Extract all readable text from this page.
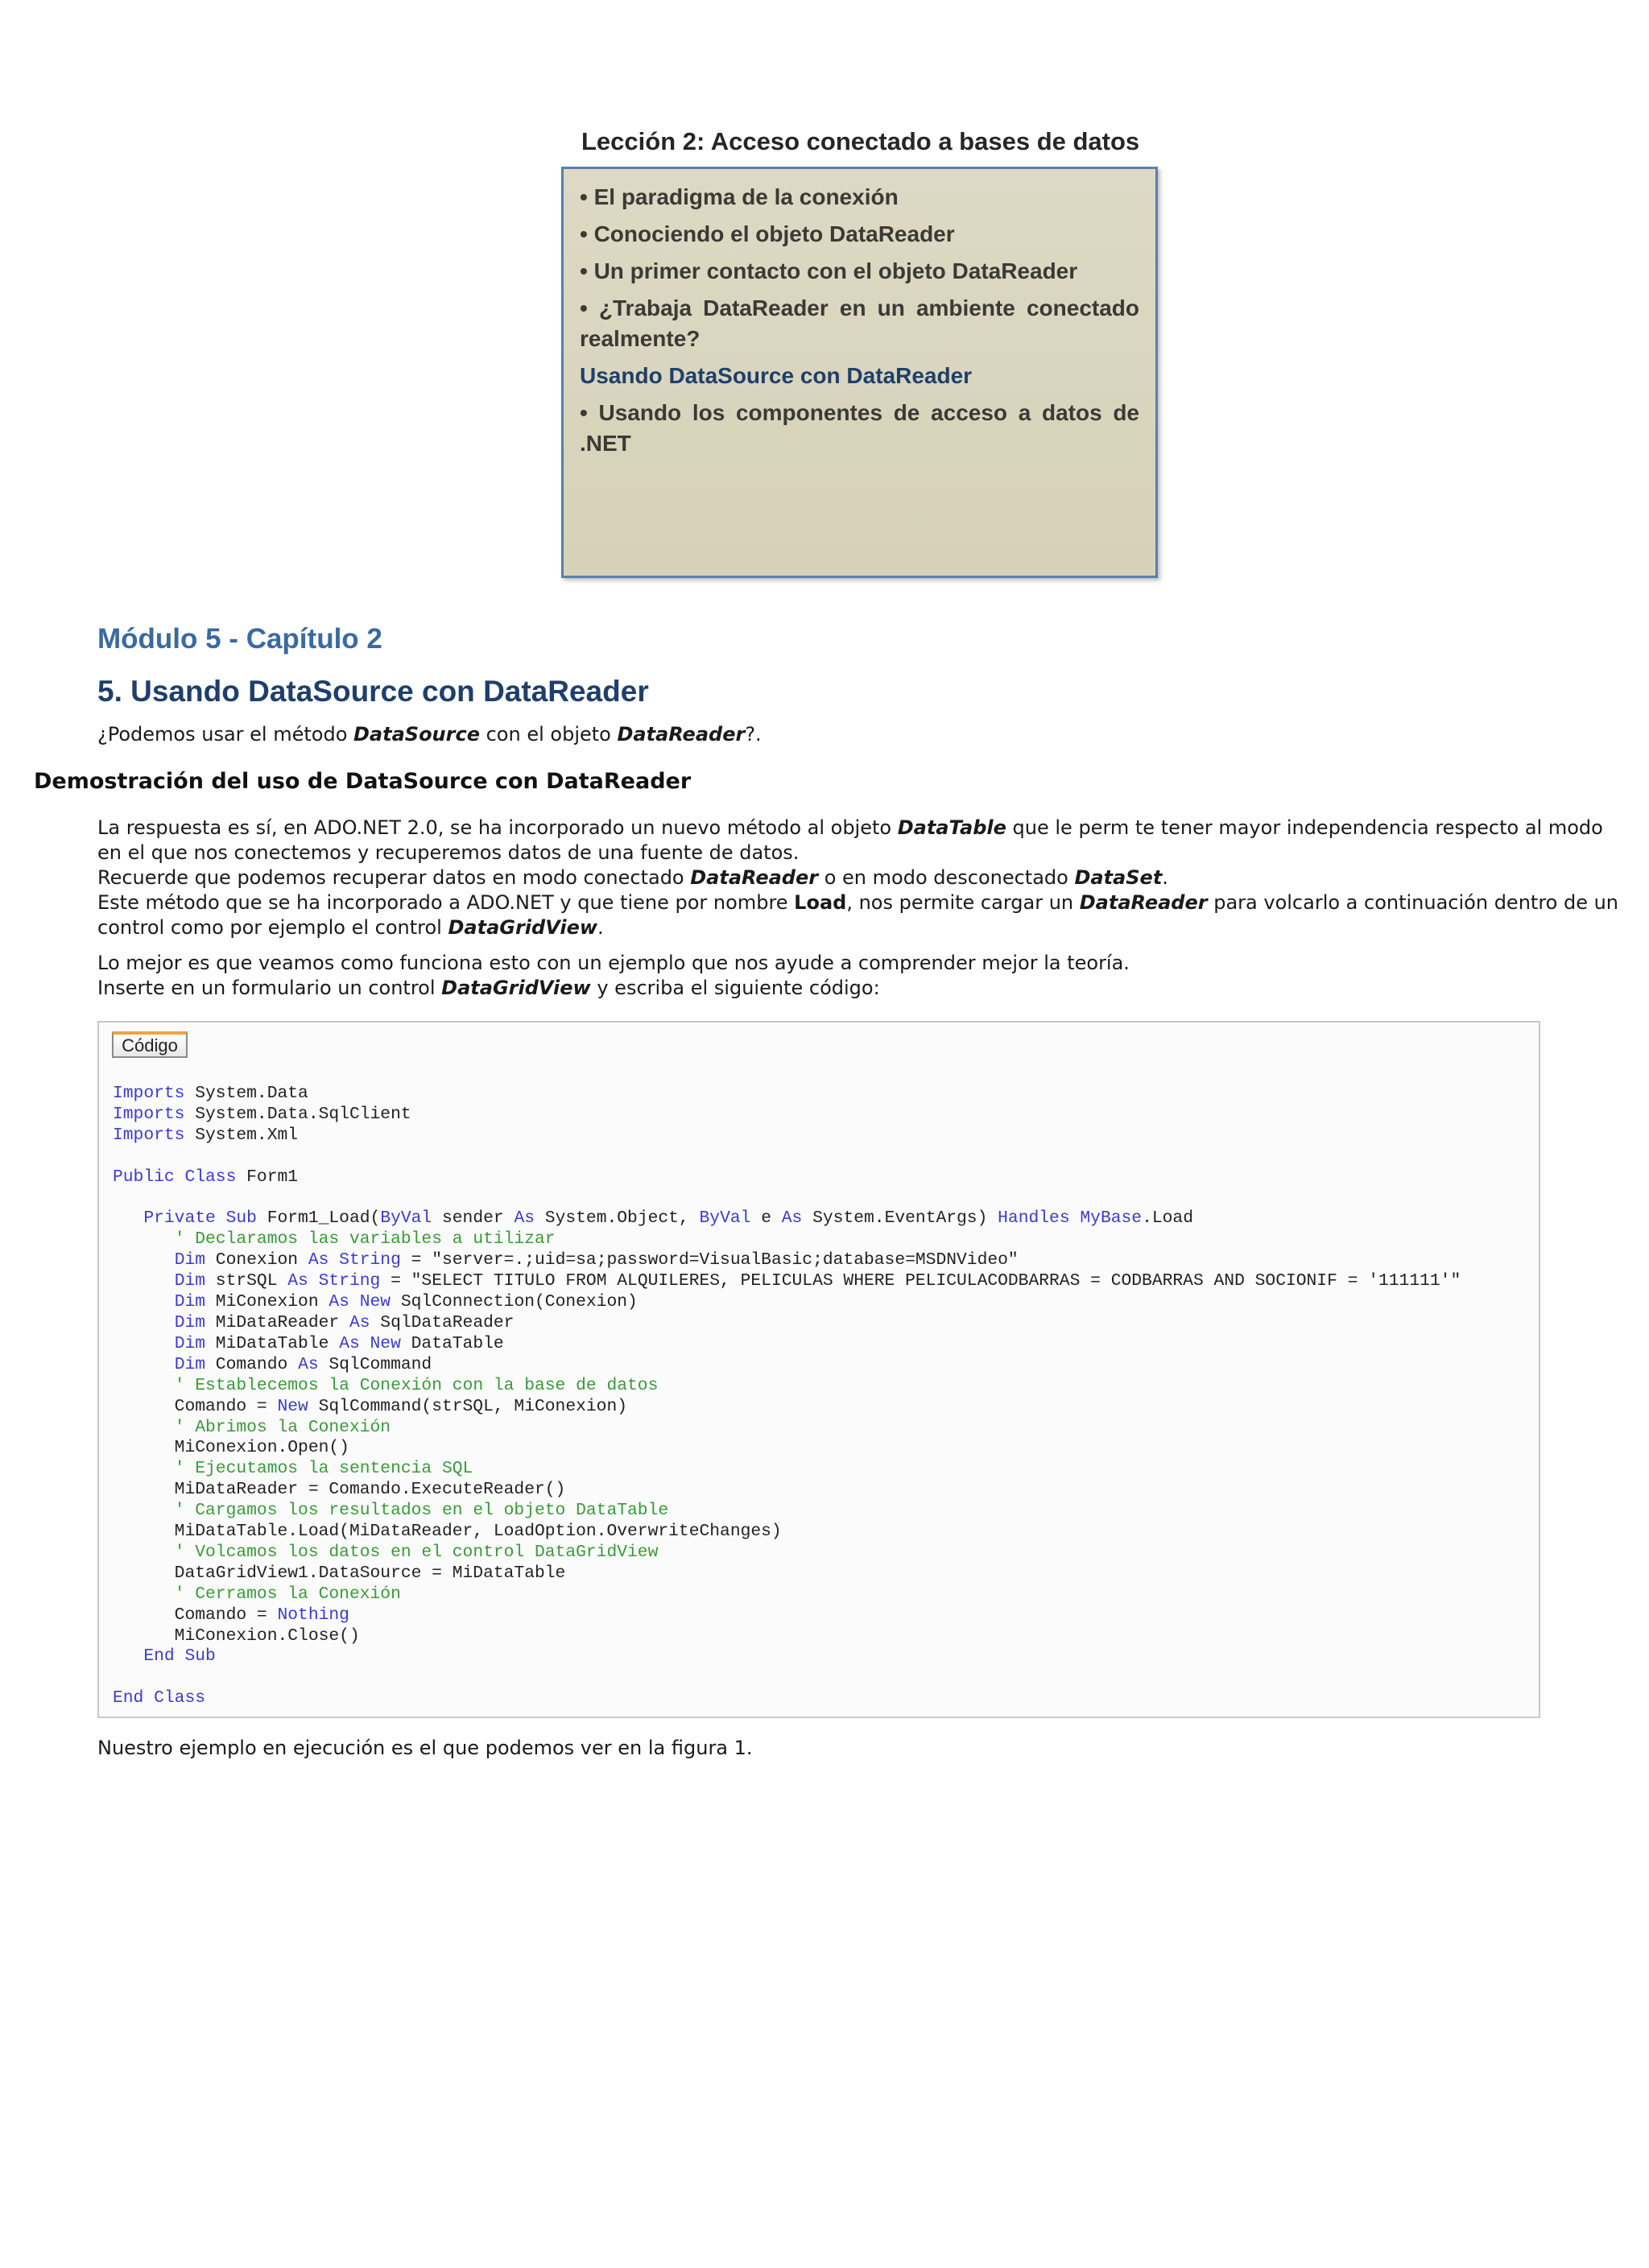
Lección 2: Acceso conectado a bases de datos
• El paradigma de la conexión
• Conociendo el objeto DataReader
• Un primer contacto con el objeto DataReader
• ¿Trabaja DataReader en un ambiente conectado realmente?
Usando DataSource con DataReader
• Usando los componentes de acceso a datos de .NET
Módulo 5 - Capítulo 2
5. Usando DataSource con DataReader
¿Podemos usar el método DataSource con el objeto DataReader?.
Demostración del uso de DataSource con DataReader

La respuesta es sí, en ADO.NET 2.0, se ha incorporado un nuevo método al objeto DataTable que le perm te tener mayor independencia respecto al modo en el que nos conectemos y recuperemos datos de una fuente de datos.

Recuerde que podemos recuperar datos en modo conectado DataReader o en modo desconectado DataSet.

Este método que se ha incorporado a ADO.NET y que tiene por nombre Load, nos permite cargar un DataReader para volcarlo a continuación dentro de un control como por ejemplo el control DataGridView.

Lo mejor es que veamos como funciona esto con un ejemplo que nos ayude a comprender mejor la teoría.

Inserte en un formulario un control DataGridView y escriba el siguiente código:

Código
Imports System.Data
Imports System.Data.SqlClient
Imports System.Xml

Public Class Form1

Private Sub Form1_Load(ByVal sender As System.Object, ByVal e As System.EventArgs) Handles MyBase.Load
' Declaramos las variables a utilizar
Dim Conexion As String = "server=.;uid=sa;password=VisualBasic;database=MSDNVideo"
Dim strSQL As String = "SELECT TITULO FROM ALQUILERES, PELICULAS WHERE PELICULACODBARRAS = CODBARRAS AND SOCIONIF = '111111'"
Dim MiConexion As New SqlConnection(Conexion)
Dim MiDataReader As SqlDataReader
Dim MiDataTable As New DataTable
Dim Comando As SqlCommand
' Establecemos la Conexión con la base de datos
Comando = New SqlCommand(strSQL, MiConexion)
' Abrimos la Conexión
MiConexion.Open()
' Ejecutamos la sentencia SQL
MiDataReader = Comando.ExecuteReader()
' Cargamos los resultados en el objeto DataTable
MiDataTable.Load(MiDataReader, LoadOption.OverwriteChanges)
' Volcamos los datos en el control DataGridView
DataGridView1.DataSource = MiDataTable
' Cerramos la Conexión
Comando = Nothing
MiConexion.Close()
End Sub

End Class
Nuestro ejemplo en ejecución es el que podemos ver en la figura 1.
